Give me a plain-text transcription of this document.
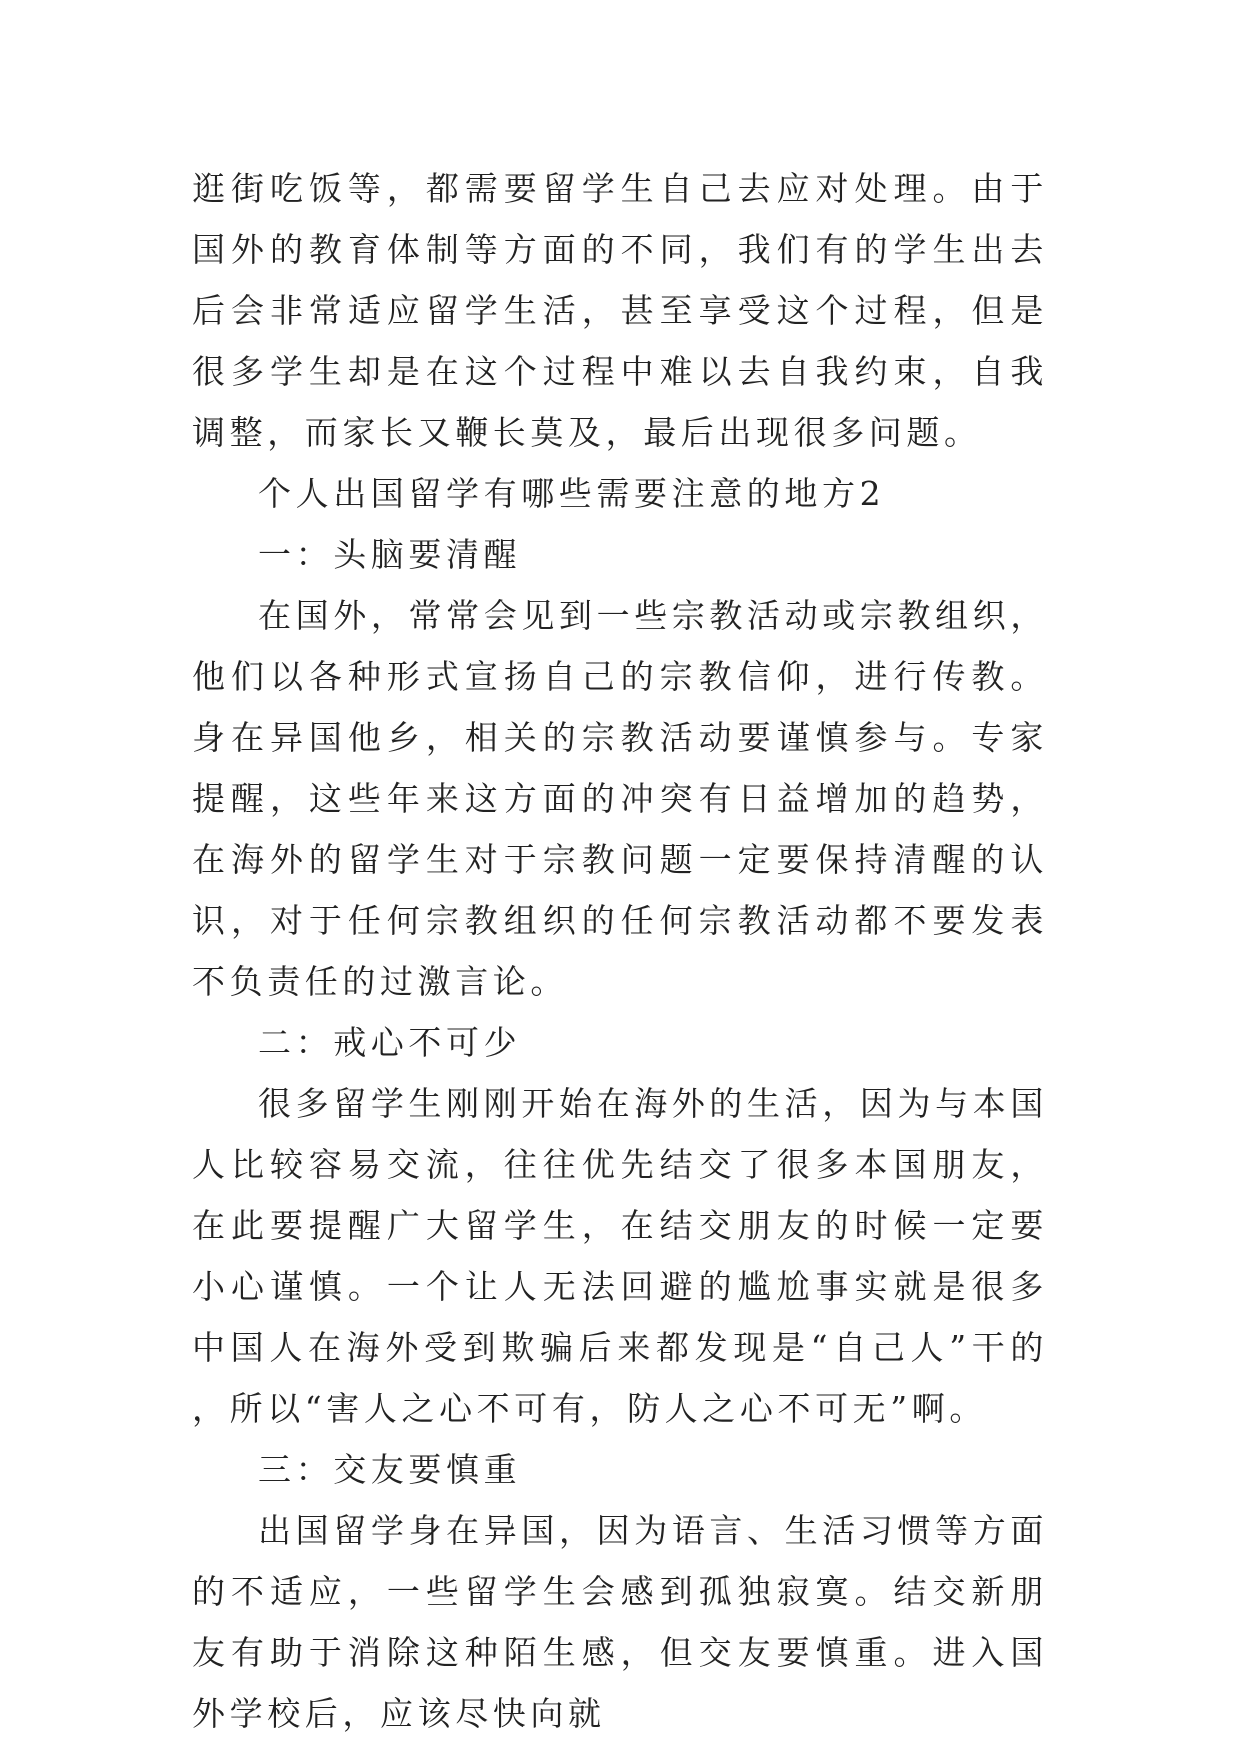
逛街吃饭等，都需要留学生自己去应对处理。由于国外的教育体制等方面的不同，我们有的学生出去后会非常适应留学生活，甚至享受这个过程，但是很多学生却是在这个过程中难以去自我约束，自我调整，而家长又鞭长莫及，最后出现很多问题。

个人出国留学有哪些需要注意的地方2

一：头脑要清醒

在国外，常常会见到一些宗教活动或宗教组织，他们以各种形式宣扬自己的宗教信仰，进行传教。身在异国他乡，相关的宗教活动要谨慎参与。专家提醒，这些年来这方面的冲突有日益增加的趋势，在海外的留学生对于宗教问题一定要保持清醒的认识，对于任何宗教组织的任何宗教活动都不要发表不负责任的过激言论。

二：戒心不可少

很多留学生刚刚开始在海外的生活，因为与本国人比较容易交流，往往优先结交了很多本国朋友，在此要提醒广大留学生，在结交朋友的时候一定要小心谨慎。一个让人无法回避的尴尬事实就是很多中国人在海外受到欺骗后来都发现是“自己人”干的，所以“害人之心不可有，防人之心不可无”啊。

三：交友要慎重

出国留学身在异国，因为语言、生活习惯等方面的不适应，一些留学生会感到孤独寂寞。结交新朋友有助于消除这种陌生感，但交友要慎重。进入国外学校后，应该尽快向就
